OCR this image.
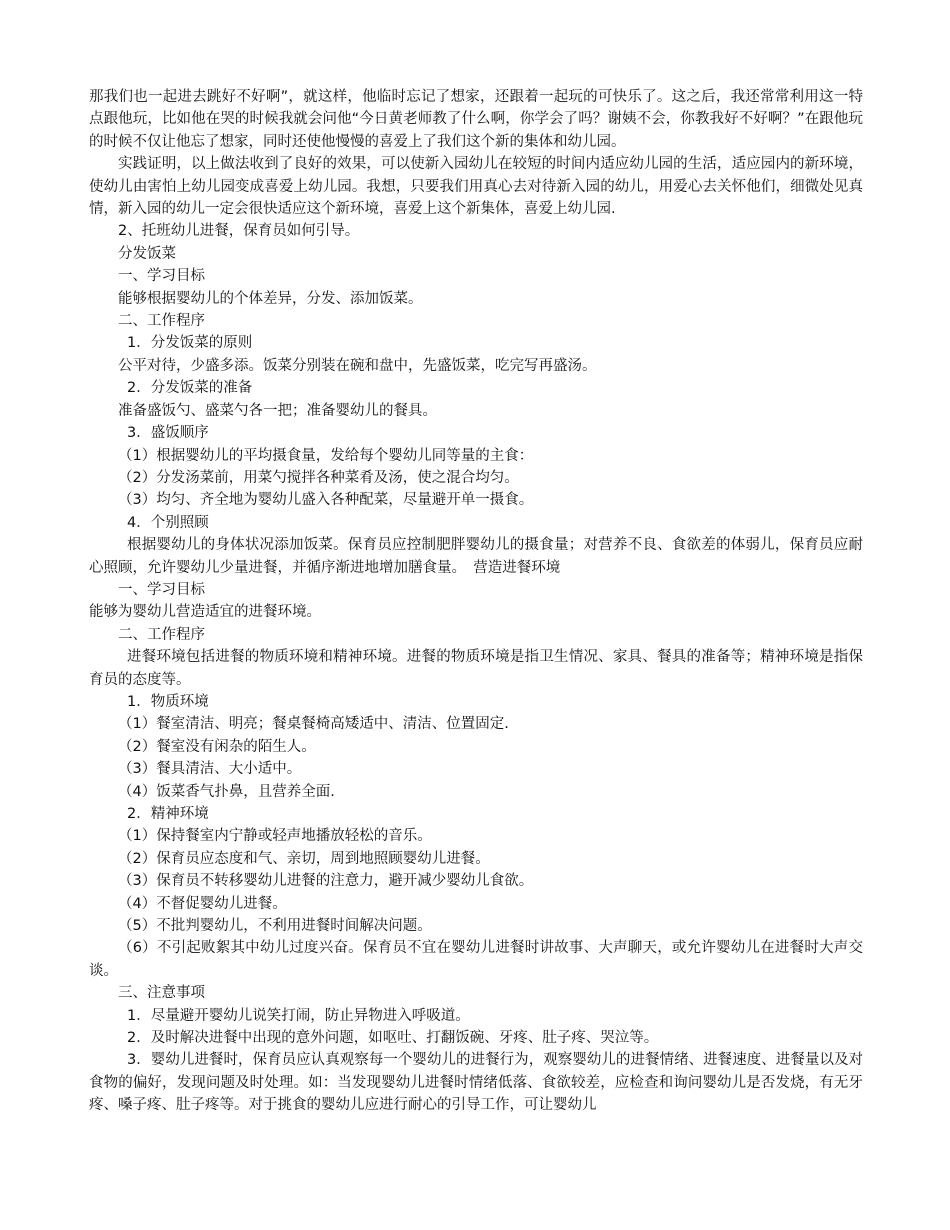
那我们也一起进去跳好不好啊”，就这样，他临时忘记了想家，还跟着一起玩的可快乐了。这之后，我还常常利用这一特点跟他玩，比如他在哭的时候我就会问他“今日黄老师教了什么啊，你学会了吗？谢姨不会，你教我好不好啊？”在跟他玩的时候不仅让他忘了想家，同时还使他慢慢的喜爱上了我们这个新的集体和幼儿园。

实践证明，以上做法收到了良好的效果，可以使新入园幼儿在较短的时间内适应幼儿园的生活，适应园内的新环境，使幼儿由害怕上幼儿园变成喜爱上幼儿园。我想，只要我们用真心去对待新入园的幼儿，用爱心去关怀他们，细微处见真情，新入园的幼儿一定会很快适应这个新环境，喜爱上这个新集体，喜爱上幼儿园.

2、托班幼儿进餐，保育员如何引导。

分发饭菜

一、学习目标

能够根据婴幼儿的个体差异，分发、添加饭菜。

二、工作程序

1．分发饭菜的原则

公平对待，少盛多添。饭菜分别装在碗和盘中，先盛饭菜，吃完写再盛汤。

2．分发饭菜的准备

准备盛饭勺、盛菜勺各一把；准备婴幼儿的餐具。

3．盛饭顺序

（1）根据婴幼儿的平均摄食量，发给每个婴幼儿同等量的主食：

（2）分发汤菜前，用菜勺搅拌各种菜肴及汤，使之混合均匀。

（3）均匀、齐全地为婴幼儿盛入各种配菜，尽量避开单一摄食。

4．个别照顾

根据婴幼儿的身体状况添加饭菜。保育员应控制肥胖婴幼儿的摄食量；对营养不良、食欲差的体弱儿，保育员应耐心照顾，允许婴幼儿少量进餐，并循序渐进地增加膳食量。　营造进餐环境

一、学习目标

能够为婴幼儿营造适宜的进餐环境。

二、工作程序

进餐环境包括进餐的物质环境和精神环境。进餐的物质环境是指卫生情况、家具、餐具的准备等；精神环境是指保育员的态度等。

1．物质环境

（1）餐室清洁、明亮；餐桌餐椅高矮适中、清洁、位置固定.

（2）餐室没有闲杂的陌生人。

（3）餐具清洁、大小适中。

（4）饭菜香气扑鼻，且营养全面.

2．精神环境

（1）保持餐室内宁静或轻声地播放轻松的音乐。

（2）保育员应态度和气、亲切，周到地照顾婴幼儿进餐。

（3）保育员不转移婴幼儿进餐的注意力，避开减少婴幼儿食欲。

（4）不督促婴幼儿进餐。

（5）不批判婴幼儿，不利用进餐时间解决问题。

（6）不引起败絮其中幼儿过度兴奋。保育员不宜在婴幼儿进餐时讲故事、大声聊天，或允许婴幼儿在进餐时大声交谈。

三、注意事项

1．尽量避开婴幼儿说笑打闹，防止异物进入呼吸道。

2．及时解决进餐中出现的意外问题，如呕吐、打翻饭碗、牙疼、肚子疼、哭泣等。

3．婴幼儿进餐时，保育员应认真观察每一个婴幼儿的进餐行为，观察婴幼儿的进餐情绪、进餐速度、进餐量以及对食物的偏好，发现问题及时处理。如：当发现婴幼儿进餐时情绪低落、食欲较差，应检查和询问婴幼儿是否发烧，有无牙疼、嗓子疼、肚子疼等。对于挑食的婴幼儿应进行耐心的引导工作，可让婴幼儿
